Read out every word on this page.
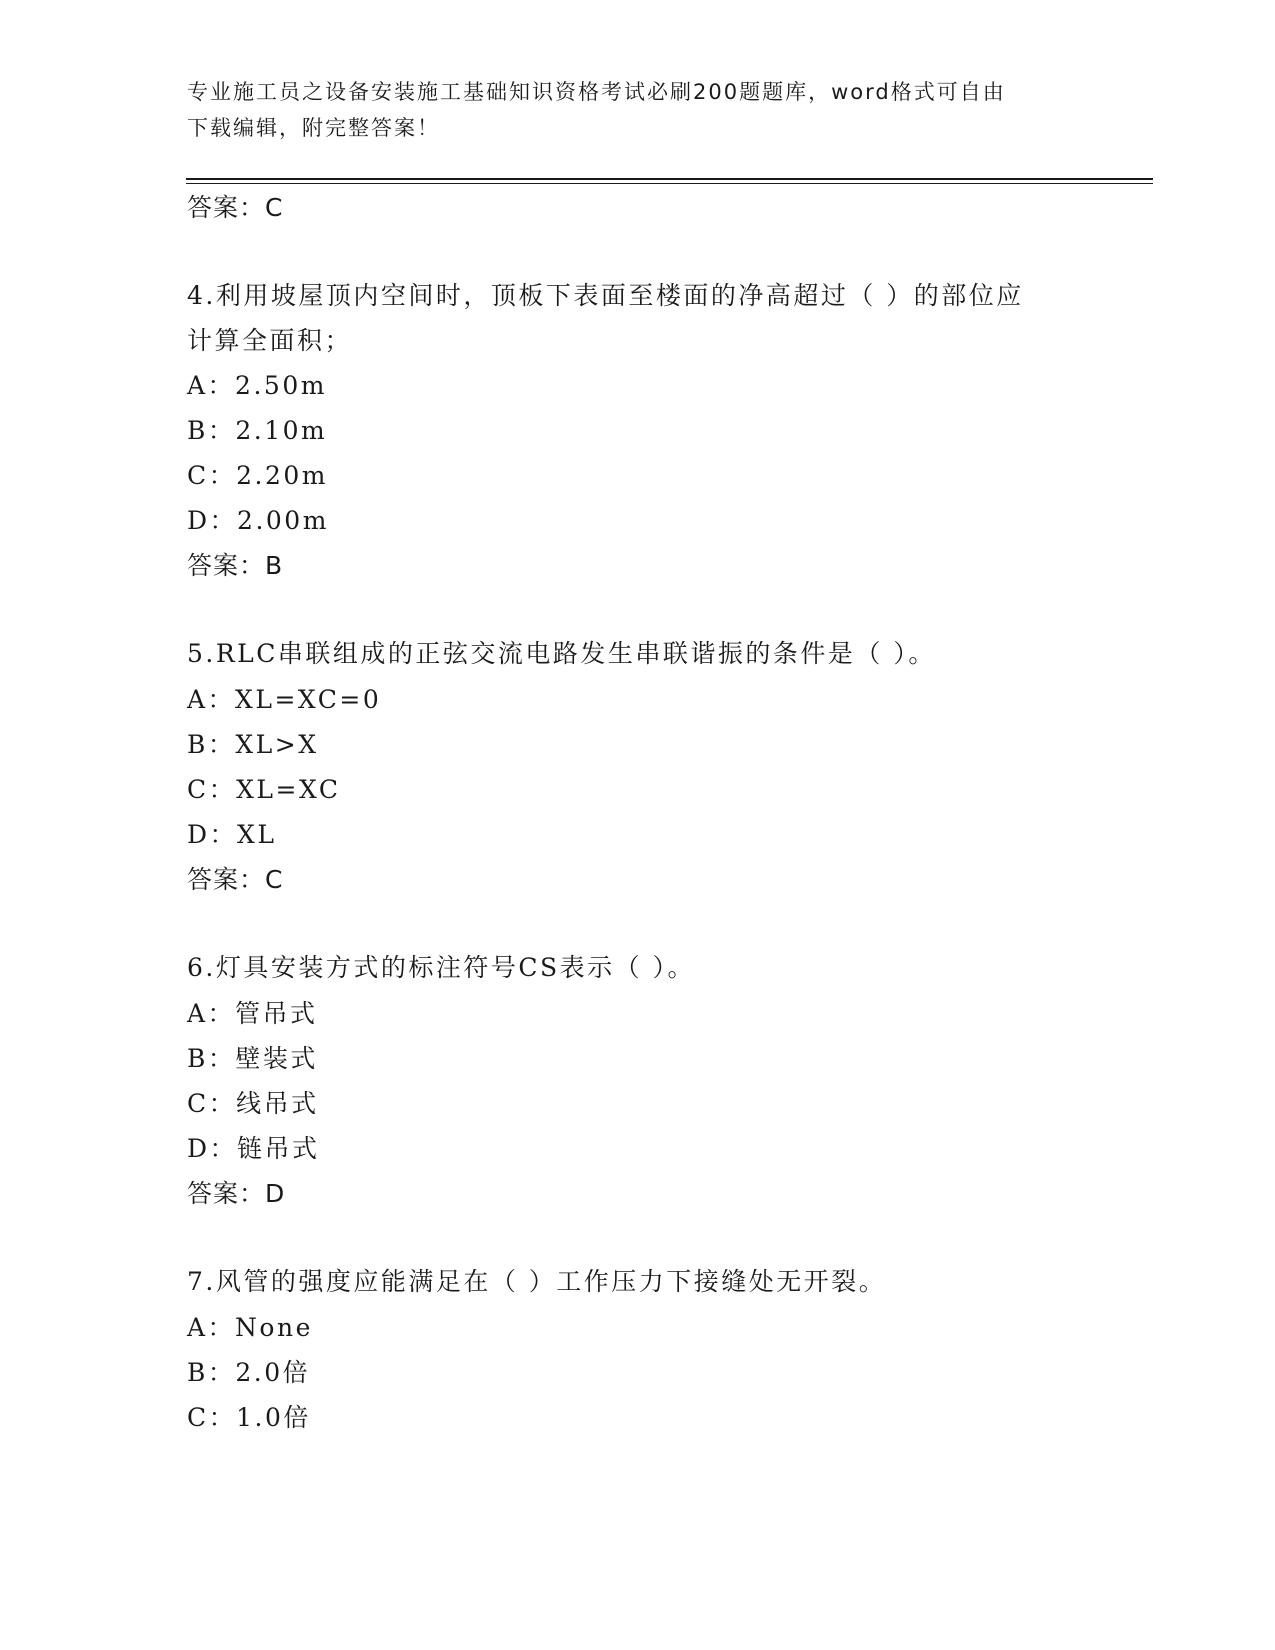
专业施工员之设备安装施工基础知识资格考试必刷200题题库，word格式可自由
下载编辑，附完整答案！
答案：C
4.利用坡屋顶内空间时，顶板下表面至楼面的净高超过（ ）的部位应
计算全面积；
A：2.50m
B：2.10m
C：2.20m
D：2.00m
答案：B
5.RLC串联组成的正弦交流电路发生串联谐振的条件是（ ）。
A：XL=XC=0
B：XL>X
C：XL=XC
D：XL
答案：C
6.灯具安装方式的标注符号CS表示（ ）。
A：管吊式
B：壁装式
C：线吊式
D：链吊式
答案：D
7.风管的强度应能满足在（ ）工作压力下接缝处无开裂。
A：None
B：2.0倍
C：1.0倍
